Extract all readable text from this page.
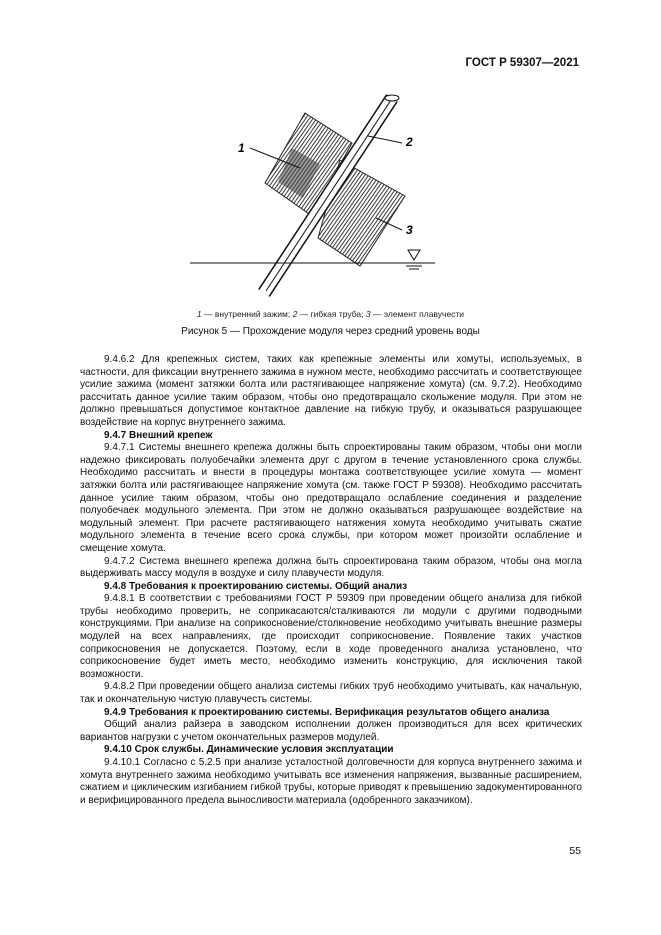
ГОСТ Р 59307—2021
1	2
3
1 — внутренний зажим; 2 — гибкая труба; 3 — элемент плавучести
Рисунок 5 — Прохождение модуля через средний уровень воды

9.4.6.2 Для крепежных систем, таких как крепежные элементы или хомуты, используемых, в частности, для фиксации внутреннего зажима в нужном месте, необходимо рассчитать и соответствующее усилие зажима (момент затяжки болта или растягивающее напряжение хомута) (см. 9.7.2). Необходимо рассчитать данное усилие таким образом, чтобы оно предотвращало скольжение модуля. При этом не должно превышаться допустимое контактное давление на гибкую трубу, и оказываться разрушающее воздействие на корпус внутреннего зажима.

9.4.7 Внешний крепеж

9.4.7.1 Системы внешнего крепежа должны быть спроектированы таким образом, чтобы они могли надежно фиксировать полуобечайки элемента друг с другом в течение установленного срока службы. Необходимо рассчитать и внести в процедуры монтажа соответствующее усилие хомута — момент затяжки болта или растягивающее напряжение хомута (см. также ГОСТ Р 59308). Необходимо рассчитать данное усилие таким образом, чтобы оно предотвращало ослабление соединения и разделение полуобечаек модульного элемента. При этом не должно оказываться разрушающее воздействие на модульный элемент. При расчете растягивающего натяжения хомута необходимо учитывать сжатие модульного элемента в течение всего срока службы, при котором может произойти ослабление и смещение хомута.

9.4.7.2 Система внешнего крепежа должна быть спроектирована таким образом, чтобы она могла выдерживать массу модуля в воздухе и силу плавучести модуля.

9.4.8 Требования к проектированию системы. Общий анализ

9.4.8.1 В соответствии с требованиями ГОСТ Р 59309 при проведении общего анализа для гибкой трубы необходимо проверить, не соприкасаются/сталкиваются ли модули с другими подводными конструкциями. При анализе на соприкосновение/столкновение необходимо учитывать внешние размеры модулей на всех направлениях, где происходит соприкосновение. Появление таких участков соприкосновения не допускается. Поэтому, если в ходе проведенного анализа установлено, что соприкосновение будет иметь место, необходимо изменить конструкцию, для исключения такой возможности.

9.4.8.2 При проведении общего анализа системы гибких труб необходимо учитывать, как начальную, так и окончательную чистую плавучесть системы.

9.4.9 Требования к проектированию системы. Верификация результатов общего анализа

Общий анализ райзера в заводском исполнении должен производиться для всех критических вариантов нагрузки с учетом окончательных размеров модулей.

9.4.10 Срок службы. Динамические условия эксплуатации

9.4.10.1 Согласно с 5.2.5 при анализе усталостной долговечности для корпуса внутреннего зажима и хомута внутреннего зажима необходимо учитывать все изменения напряжения, вызванные расширением, сжатием и циклическим изгибанием гибкой трубы, которые приводят к превышению задокументированного и верифицированного предела выносливости материала (одобренного заказчиком).

55
